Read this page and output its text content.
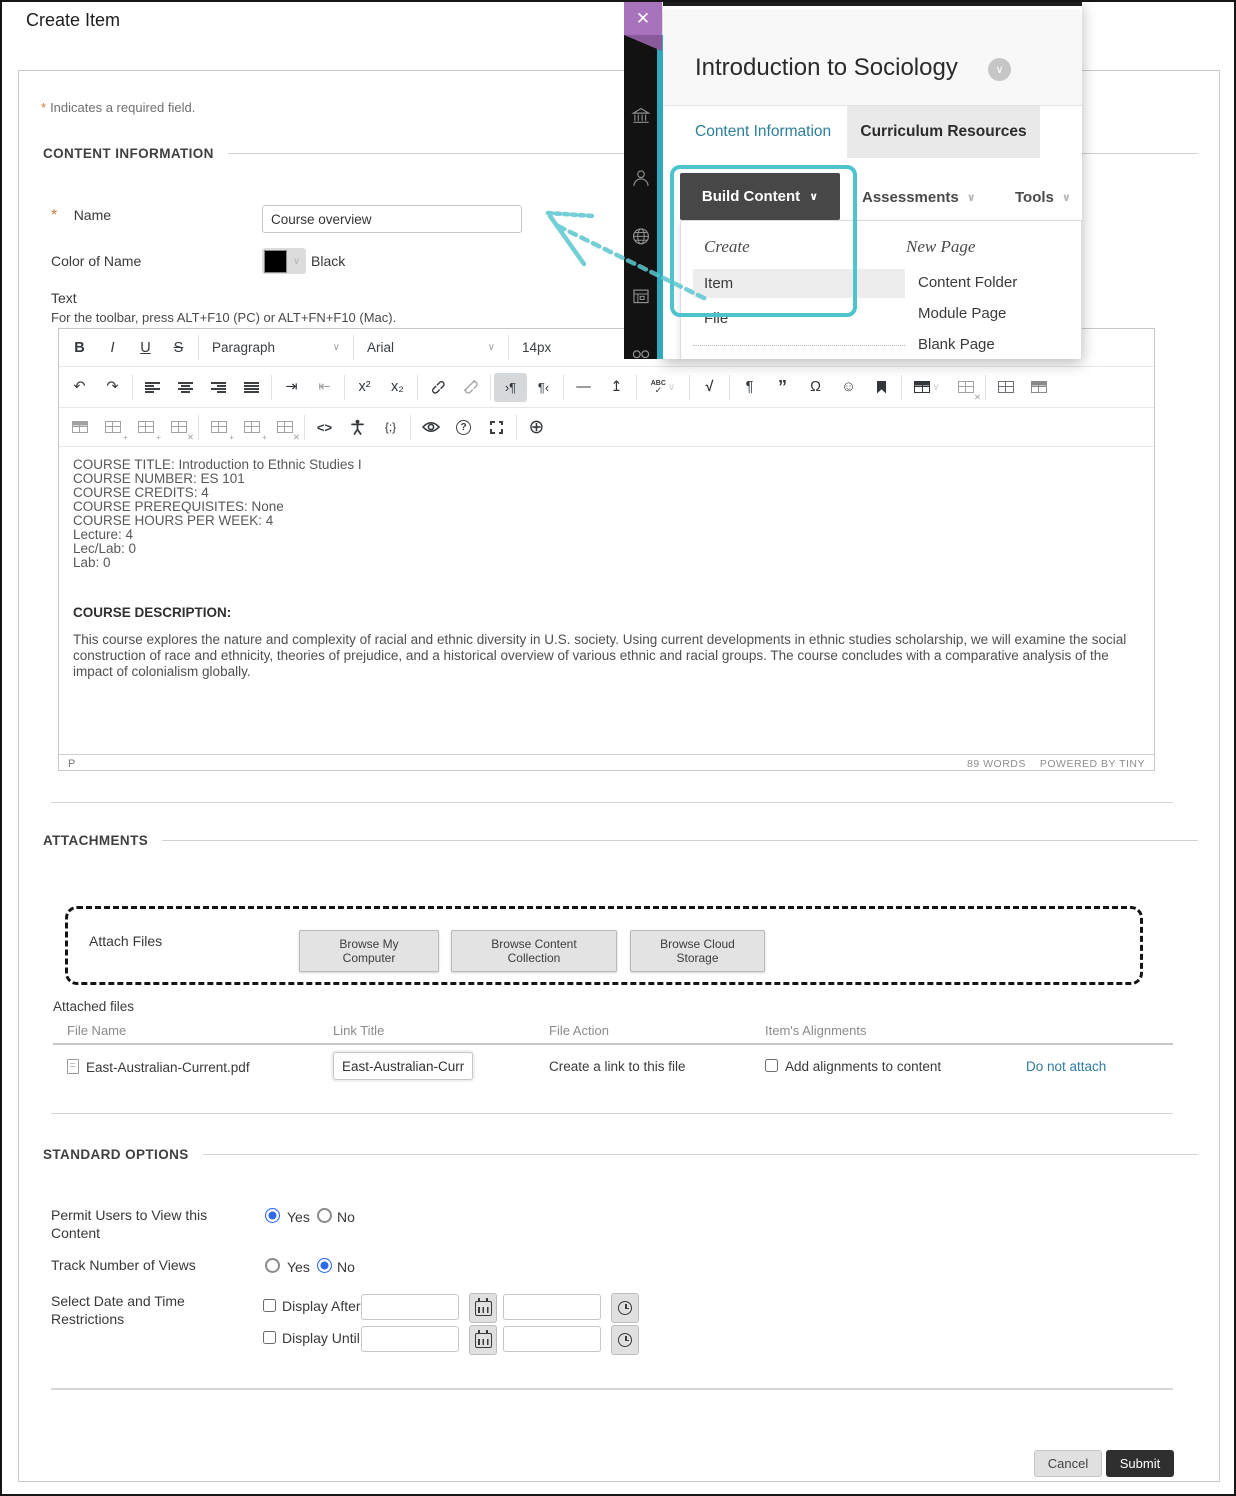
Create Item
* Indicates a required field.
CONTENT INFORMATION
* Name
Course overview
Color of Name	∨ Black
Text
For the toolbar, press ALT+F10 (PC) or ALT+FN+F10 (Mac).
B	I	U	S	Paragraph	∨ Arial	∨ 14px
↶	↷	⇥	⇤	x²	x₂	›¶	¶‹	—	↥	ABC
✓ ∨	√	¶	”	Ω	☺	∨
✕
+	+	✕	+	+	✕
<>	{;}	?	⊕
COURSE TITLE: Introduction to Ethnic Studies I
COURSE NUMBER: ES 101
COURSE CREDITS: 4
COURSE PREREQUISITES: None
COURSE HOURS PER WEEK: 4
Lecture: 4
Lec/Lab: 0
Lab: 0
COURSE DESCRIPTION:
This course explores the nature and complexity of racial and ethnic diversity in U.S. society. Using current developments in ethnic studies scholarship, we will examine the social construction of race and ethnicity, theories of prejudice, and a historical overview of various ethnic and racial groups. The course concludes with a comparative analysis of the impact of colonialism globally.
P	89 WORDS POWERED BY TINY
ATTACHMENTS
Attach Files	Browse My Computer
Browse Content Collection
Browse Cloud Storage
Attached files
File Name	Link Title	File Action	Item's Alignments
East-Australian-Current.pdf
East-Australian-Current.pdf	Create a link to this file	Add alignments to content	Do not attach
STANDARD OPTIONS
Permit Users to View this
Content
Yes No
Track Number of Views	Yes No
Select Date and Time
Restrictions
Display After
Display Until
Cancel	Submit
✕
Introduction to Sociology	∨
Content Information	Curriculum Resources
Build Content ∨	Assessments ∨	Tools ∨
Create
Item
File
New Page
Content Folder
Module Page
Blank Page
